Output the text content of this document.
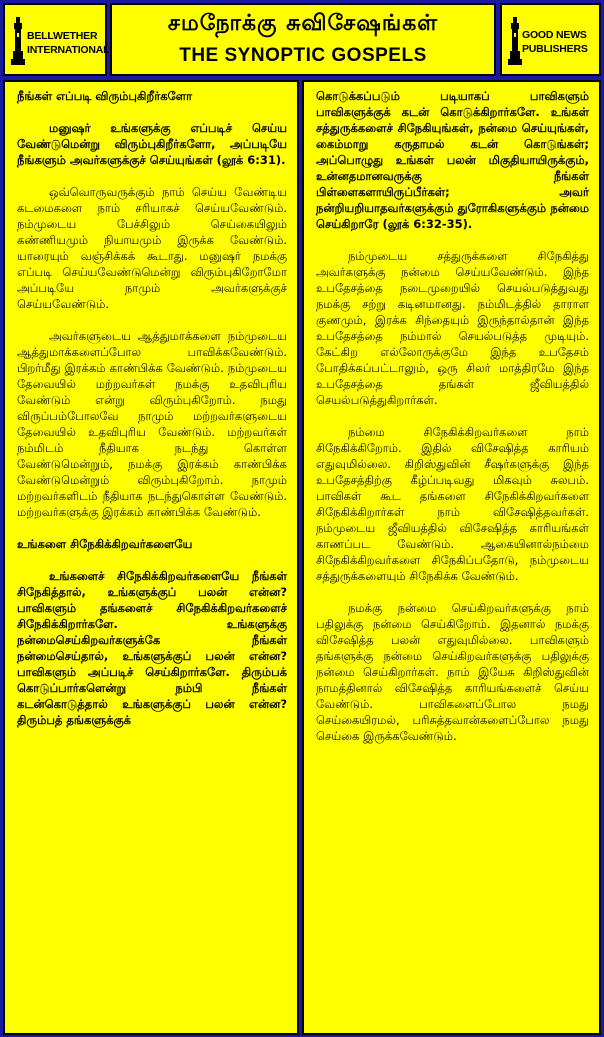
BELLWETHER
INTERNATIONAL
சமநோக்கு சுவிசேஷங்கள்
THE SYNOPTIC GOSPELS
GOOD NEWS
PUBLISHERS

நீங்கள் எப்படி விரும்புகிறீர்களோ

மனுஷர் உங்களுக்கு எப்படிச் செய்ய வேண்டுமென்று விரும்புகிறீர்களோ, அப்படியே நீங்களும் அவர்களுக்குச் செய்யுங்கள் (லூக் 6:31).

ஒவ்வொருவருக்கும் நாம் செய்ய வேண்டிய கடமைகளை நாம் சரியாகச் செய்யவேண்டும். நம்முடைய பேச்சிலும் செய்கையிலும் கண்ணியமும் நியாயமும் இருக்க வேண்டும். யாரையும் வஞ்சிக்கக் கூடாது. மனுஷர் நமக்கு எப்படி செய்யவேண்டுமென்று விரும்புகிறோமோ அப்படியே நாமும் அவர்களுக்குச் செய்யவேண்டும்.

அவர்களுடைய ஆத்துமாக்களை நம்முடைய ஆத்துமாக்களைப்போல பாவிக்கவேண்டும். பிறர்மீது இரக்கம் காண்பிக்க வேண்டும். நம்முடைய தேவையில் மற்றவர்கள் நமக்கு உதவிபுரிய வேண்டும் என்று விரும்புகிறோம். நமது விருப்பம்போலவே நாமும் மற்றவர்களுடைய தேவையில் உதவிபுரிய வேண்டும். மற்றவர்கள் நம்மிடம் நீதியாக நடந்து கொள்ள வேண்டுமென்றும், நமக்கு இரக்கம் காண்பிக்க வேண்டுமென்றும் விரும்புகிறோம். நாமும் மற்றவர்களிடம் நீதியாக நடந்துகொள்ள வேண்டும். மற்றவர்களுக்கு இரக்கம் காண்பிக்க வேண்டும்.

உங்களை சிநேகிக்கிறவர்களையே

உங்களைச் சிநேகிக்கிறவர்களையே நீங்கள் சிநேகித்தால், உங்களுக்குப் பலன் என்ன? பாவிகளும் தங்களைச் சிநேகிக்கிறவர்களைச் சிநேகிக்கிறார்களே. உங்களுக்கு நன்மைசெய்கிறவர்களுக்கே நீங்கள் நன்மைசெய்தால், உங்களுக்குப் பலன் என்ன? பாவிகளும் அப்படிச் செய்கிறார்களே. திரும்பக் கொடுப்பார்களென்று நம்பி நீங்கள் கடன்கொடுத்தால் உங்களுக்குப் பலன் என்ன? திரும்பத் தங்களுக்குக்

கொடுக்கப்படும் படியாகப் பாவிகளும் பாவிகளுக்குக் கடன் கொடுக்கிறார்களே. உங்கள் சத்துருக்களைச் சிநேகியுங்கள், நன்மை செய்யுங்கள், கைம்மாறு கருதாமல் கடன் கொடுங்கள்; அப்பொழுது உங்கள் பலன் மிகுதியாயிருக்கும், உன்னதமானவருக்கு நீங்கள் பிள்ளைகளாயிருப்பீர்கள்; அவர் நன்றியறியாதவர்களுக்கும் துரோகிகளுக்கும் நன்மை செய்கிறாரே (லூக் 6:32-35).

நம்முடைய சத்துருக்களை சிநேகித்து அவர்களுக்கு நன்மை செய்யவேண்டும். இந்த உபதேசத்தை நடைமுறையில் செயல்படுத்துவது நமக்கு சற்று கடினமானது. நம்மிடத்தில் தாராள குணமும், இரக்க சிந்தையும் இருந்தால்தான் இந்த உபதேசத்தை நம்மால் செயல்படுத்த முடியும். கேட்கிற எல்லோருக்குமே இந்த உபதேசம் போதிக்கப்பட்டாலும், ஒரு சிலர் மாத்திரமே இந்த உபதேசத்தை தங்கள் ஜீவியத்தில் செயல்படுத்துகிறார்கள்.

நம்மை சிநேகிக்கிறவர்களை நாம் சிநேகிக்கிறோம். இதில் விசேஷித்த காரியம் எதுவுமில்லை. கிறிஸ்துவின் சீஷர்களுக்கு இந்த உபதேசத்திற்கு கீழ்ப்படிவது மிகவும் சுலபம். பாவிகள் கூட தங்களை சிநேகிக்கிறவர்களை சிநேகிக்கிறார்கள் நாம் விசேஷித்தவர்கள். நம்முடைய ஜீவியத்தில் விசேஷித்த காரியங்கள் காணப்பட வேண்டும். ஆகையினால்நம்மை சிநேகிக்கிறவர்களை சிநேகிப்பதோடு, நம்முடைய சத்துருக்களையும் சிநேகிக்க வேண்டும்.

நமக்கு நன்மை செய்கிறவர்களுக்கு நாம் பதிலுக்கு நன்மை செய்கிறோம். இதனால் நமக்கு விசேஷித்த பலன் எதுவுமில்லை. பாவிகளும் தங்களுக்கு நன்மை செய்கிறவர்களுக்கு பதிலுக்கு நன்மை செய்கிறார்கள். நாம் இயேசு கிறிஸ்துவின் நாமத்தினால் விசேஷித்த காரியங்களைச் செய்ய வேண்டும். பாவிகளைப்போல நமது செய்கையிரமல், பரிசுத்தவான்களைப்போல நமது செய்கை இருக்கவேண்டும்.
